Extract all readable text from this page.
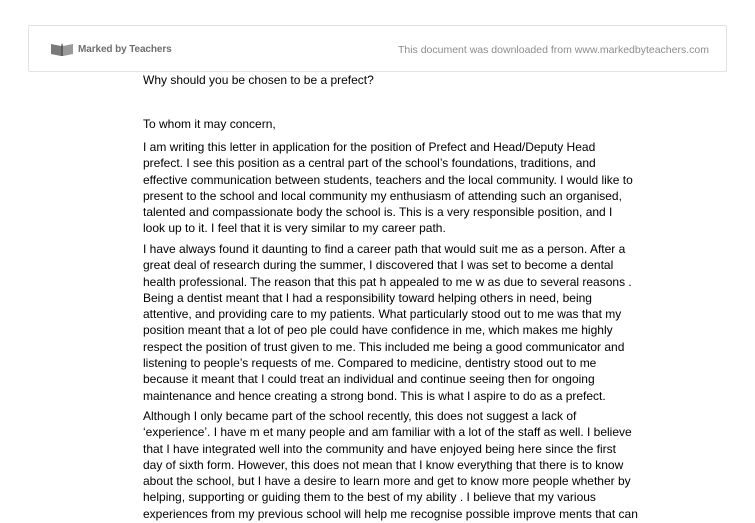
Marked by Teachers	This document was downloaded from www.markedbyteachers.com
Why should you be chosen to be a prefect?
To whom it may concern,
I am writing this letter in application for the position of Prefect and Head/Deputy Head
prefect. I see this position as a central part of the school’s foundations, traditions, and
effective communication between students, teachers and the local community. I would like to
present to the school and local community my enthusiasm of attending such an organised,
talented and compassionate body the school is. This is a very responsible position, and I
look up to it. I feel that it is very similar to my career path.
I have always found it daunting to find a career path that would suit me as a person. After a
great deal of research during the summer, I discovered that I was set to become a dental
health professional. The reason that this pat h appealed to me w as due to several reasons .
Being a dentist meant that I had a responsibility toward helping others in need, being
attentive, and providing care to my patients. What particularly stood out to me was that my
position meant that a lot of peo ple could have confidence in me, which makes me highly
respect the position of trust given to me. This included me being a good communicator and
listening to people’s requests of me. Compared to medicine, dentistry stood out to me
because it meant that I could treat an individual and continue seeing then for ongoing
maintenance and hence creating a strong bond. This is what I aspire to do as a prefect.
Although I only became part of the school recently, this does not suggest a lack of
‘experience’. I have m et many people and am familiar with a lot of the staff as well. I believe
that I have integrated well into the community and have enjoyed being here since the first
day of sixth form. However, this does not mean that I know everything that there is to know
about the school, but I have a desire to learn more and get to know more people whether by
helping, supporting or guiding them to the best of my ability . I believe that my various
experiences from my previous school will help me recognise possible improve ments that can
